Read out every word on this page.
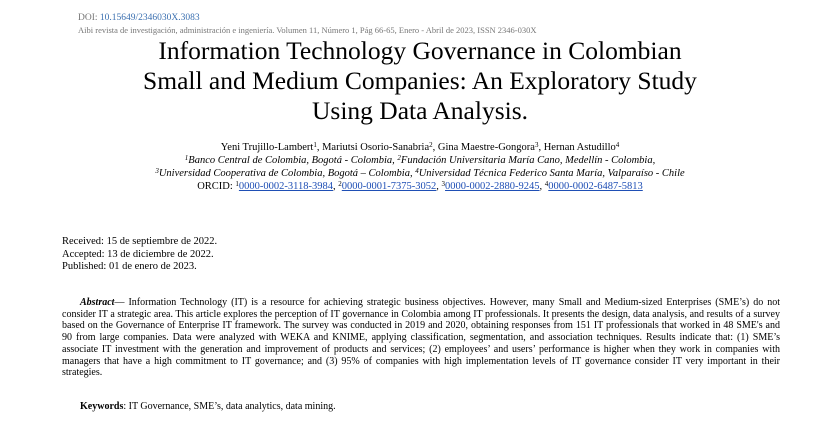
DOI: 10.15649/2346030X.3083
Aibi revista de investigación, administración e ingeniería. Volumen 11, Número 1, Pág 66-65, Enero - Abril de 2023, ISSN 2346-030X
Information Technology Governance in Colombian
Small and Medium Companies: An Exploratory Study
Using Data Analysis.
Yeni Trujillo-Lambert$^1$, Mariutsi Osorio-Sanabria$^2$, Gina Maestre-Gongora$^3$, Hernan Astudillo$^4$
$^1$Banco Central de Colombia, Bogotá - Colombia, $^2$Fundación Universitaria María Cano, Medellín - Colombia,
$^3$Universidad Cooperativa de Colombia, Bogotá – Colombia, $^4$Universidad Técnica Federico Santa María, Valparaíso - Chile
ORCID: $^1$0000-0002-3118-3984, $^2$0000-0001-7375-3052, $^3$0000-0002-2880-9245, $^4$0000-0002-6487-5813
Received: 15 de septiembre de 2022.
Accepted: 13 de diciembre de 2022.
Published: 01 de enero de 2023.
Abstract— Information Technology (IT) is a resource for achieving strategic business objectives. However, many Small and Medium-sized Enterprises (SME’s) do not consider IT a strategic area. This article explores the perception of IT governance in Colombia among IT professionals. It presents the design, data analysis, and results of a survey based on the Governance of Enterprise IT framework. The survey was conducted in 2019 and 2020, obtaining responses from 151 IT professionals that worked in 48 SME's and 90 from large companies. Data were analyzed with WEKA and KNIME, applying classification, segmentation, and association techniques. Results indicate that: (1) SME’s associate IT investment with the generation and improvement of products and services; (2) employees’ and users’ performance is higher when they work in companies with managers that have a high commitment to IT governance; and (3) 95% of companies with high implementation levels of IT governance consider IT very important in their strategies.
Keywords: IT Governance, SME’s, data analytics, data mining.
